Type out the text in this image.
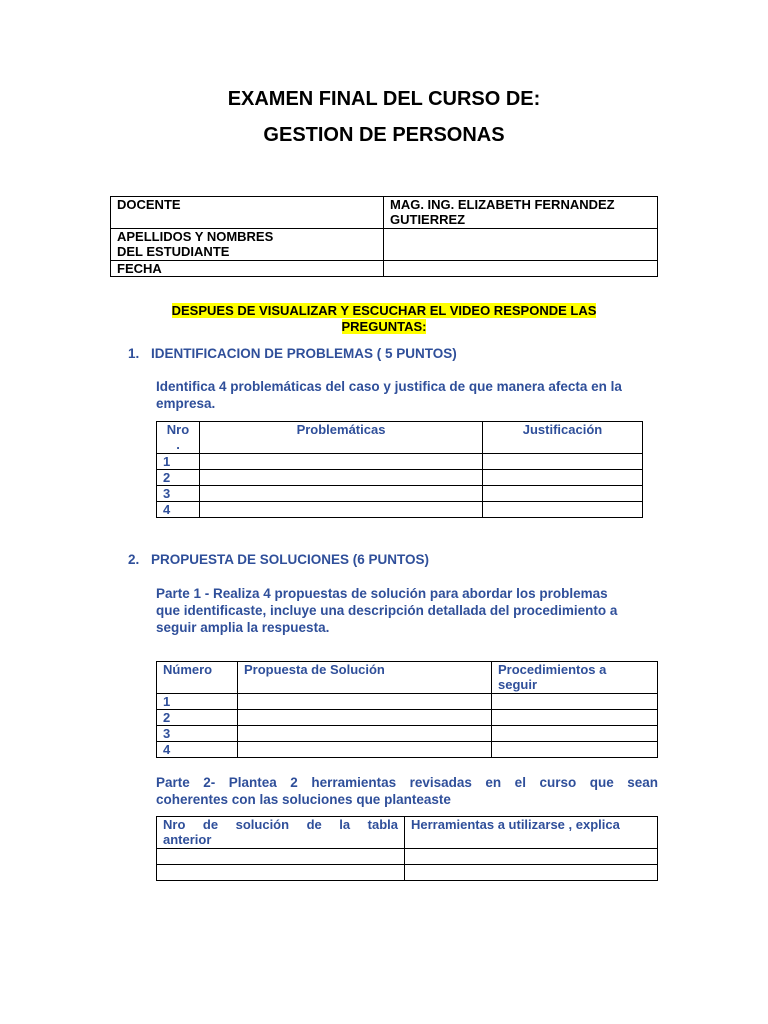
EXAMEN FINAL DEL CURSO DE:
GESTION DE PERSONAS
DOCENTE	MAG. ING. ELIZABETH FERNANDEZ
GUTIERREZ

APELLIDOS Y NOMBRES
DEL ESTUDIANTE	

FECHA	
DESPUES DE VISUALIZAR Y ESCUCHAR EL VIDEO RESPONDE LAS
PREGUNTAS:
1. IDENTIFICACION DE PROBLEMAS ( 5 PUNTOS)
Identifica 4 problemáticas del caso y justifica de que manera afecta en la
empresa.
Nro
.	Problemáticas	Justificación
1		
2		
3		
4		
2. PROPUESTA DE SOLUCIONES (6 PUNTOS)
Parte 1 - Realiza 4 propuestas de solución para abordar los problemas
que identificaste, incluye una descripción detallada del procedimiento a
seguir amplia la respuesta.
Número	Propuesta de Solución	Procedimientos a
seguir

1		
2		
3		
4		
Parte 2- Plantea 2 herramientas revisadas en el curso que sean
coherentes con las soluciones que planteaste
Nro de solución de la tabla
anterior	Herramientas a utilizarse , explica
